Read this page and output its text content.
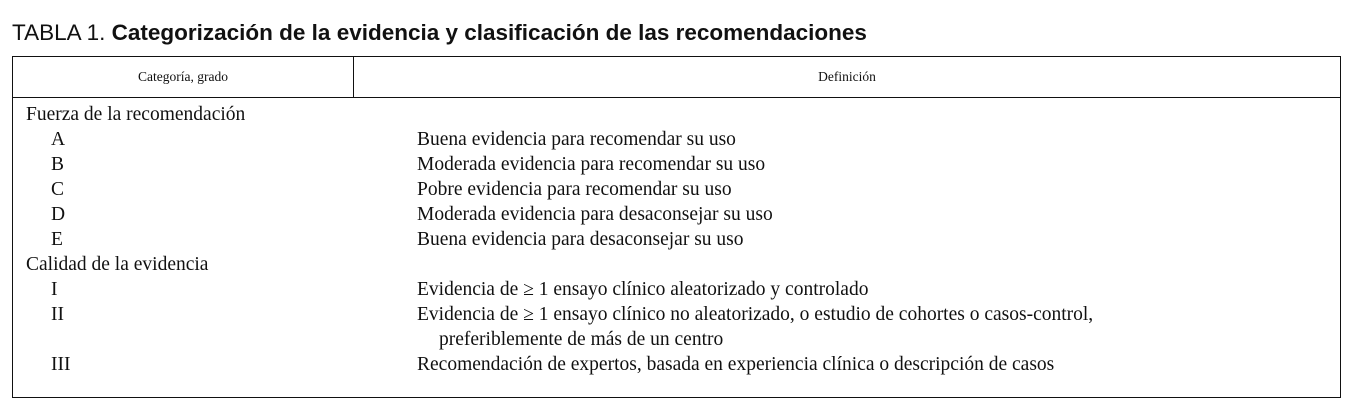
TABLA 1. Categorización de la evidencia y clasificación de las recomendaciones
Categoría, grado	Definición
Fuerza de la recomendación
A	Buena evidencia para recomendar su uso
B	Moderada evidencia para recomendar su uso
C	Pobre evidencia para recomendar su uso
D	Moderada evidencia para desaconsejar su uso
E	Buena evidencia para desaconsejar su uso
Calidad de la evidencia
I	Evidencia de ≥ 1 ensayo clínico aleatorizado y controlado
II	Evidencia de ≥ 1 ensayo clínico no aleatorizado, o estudio de cohortes o casos-control,
preferiblemente de más de un centro
III	Recomendación de expertos, basada en experiencia clínica o descripción de casos
